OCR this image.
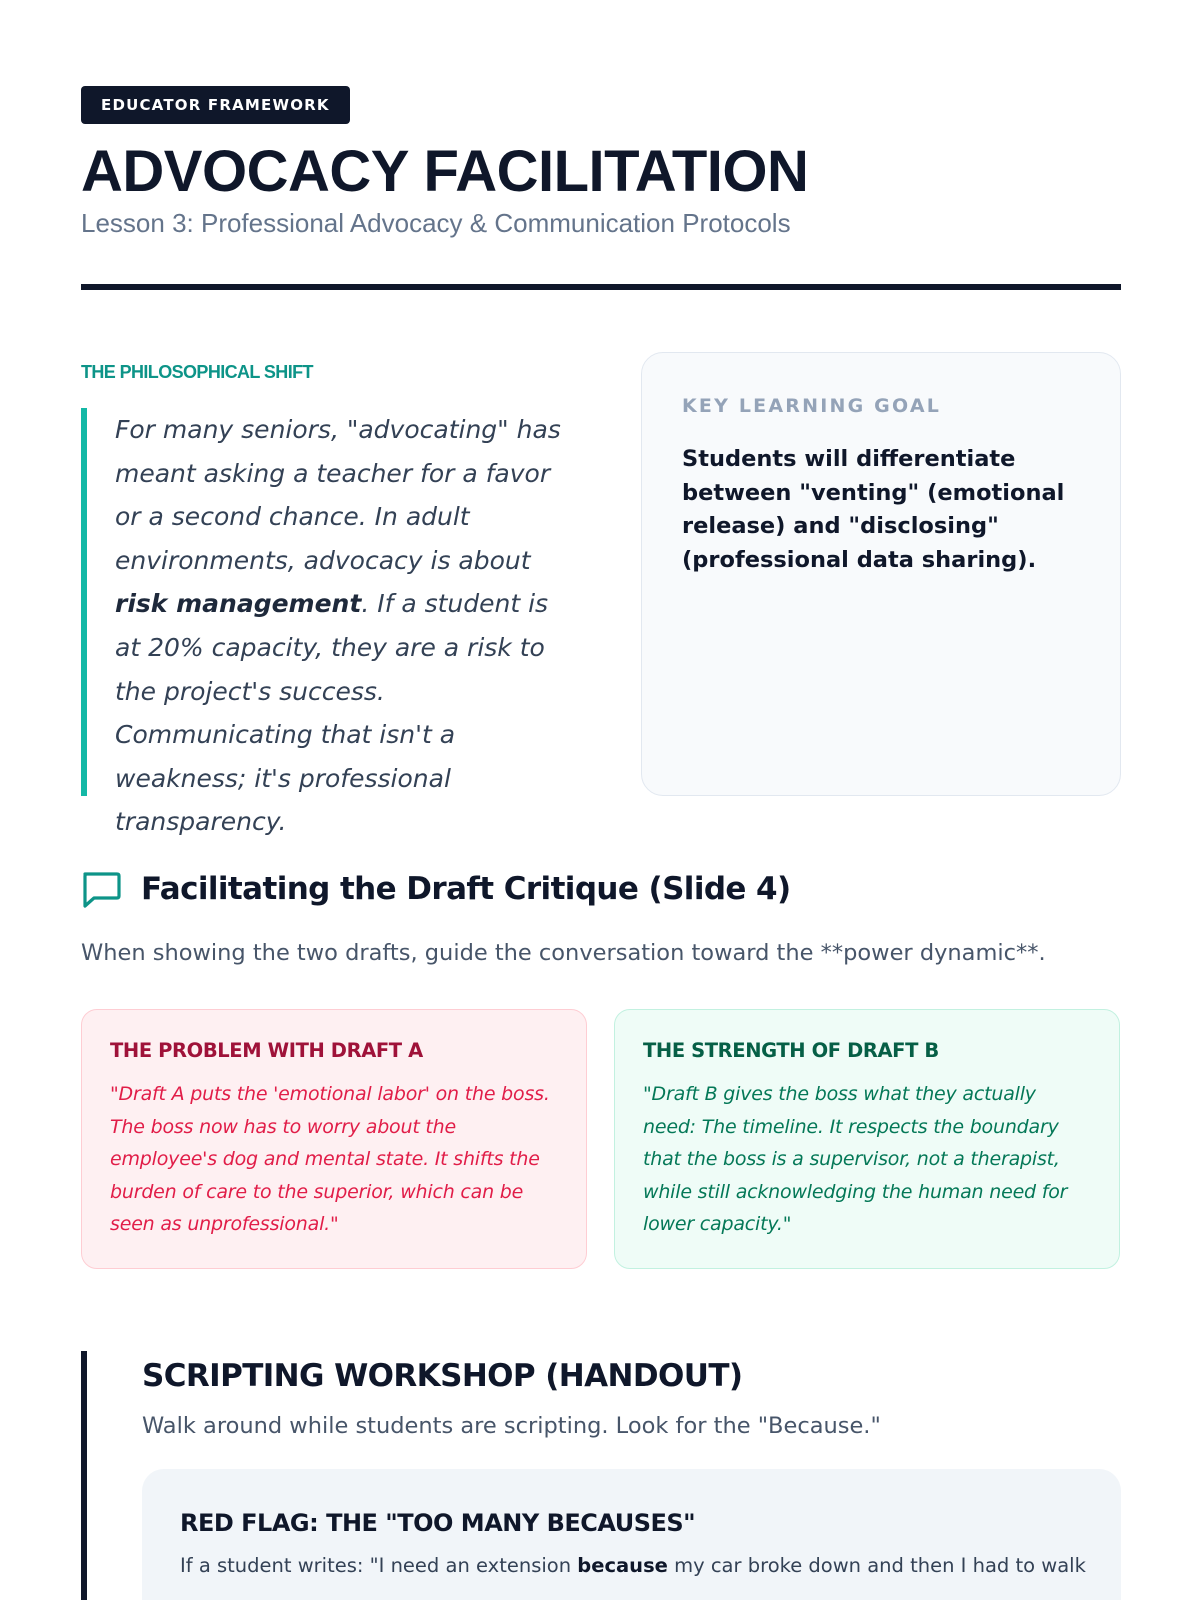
EDUCATOR FRAMEWORK
ADVOCACY FACILITATION
Lesson 3: Professional Advocacy & Communication Protocols
THE PHILOSOPHICAL SHIFT
For many seniors, "advocating" has meant asking a teacher for a favor or a second chance. In adult environments, advocacy is about risk management. If a student is at 20% capacity, they are a risk to the project's success. Communicating that isn't a weakness; it's professional transparency.
KEY LEARNING GOAL
Students will differentiate between "venting" (emotional release) and "disclosing" (professional data sharing).
Facilitating the Draft Critique (Slide 4)

When showing the two drafts, guide the conversation toward the **power dynamic**.

THE PROBLEM WITH DRAFT A
"Draft A puts the 'emotional labor' on the boss. The boss now has to worry about the employee's dog and mental state. It shifts the burden of care to the superior, which can be seen as unprofessional."
THE STRENGTH OF DRAFT B
"Draft B gives the boss what they actually need: The timeline. It respects the boundary that the boss is a supervisor, not a therapist, while still acknowledging the human need for lower capacity."
SCRIPTING WORKSHOP (HANDOUT)

Walk around while students are scripting. Look for the "Because."

RED FLAG: THE "TOO MANY BECAUSES"
If a student writes: "I need an extension because my car broke down and then I had to walk
